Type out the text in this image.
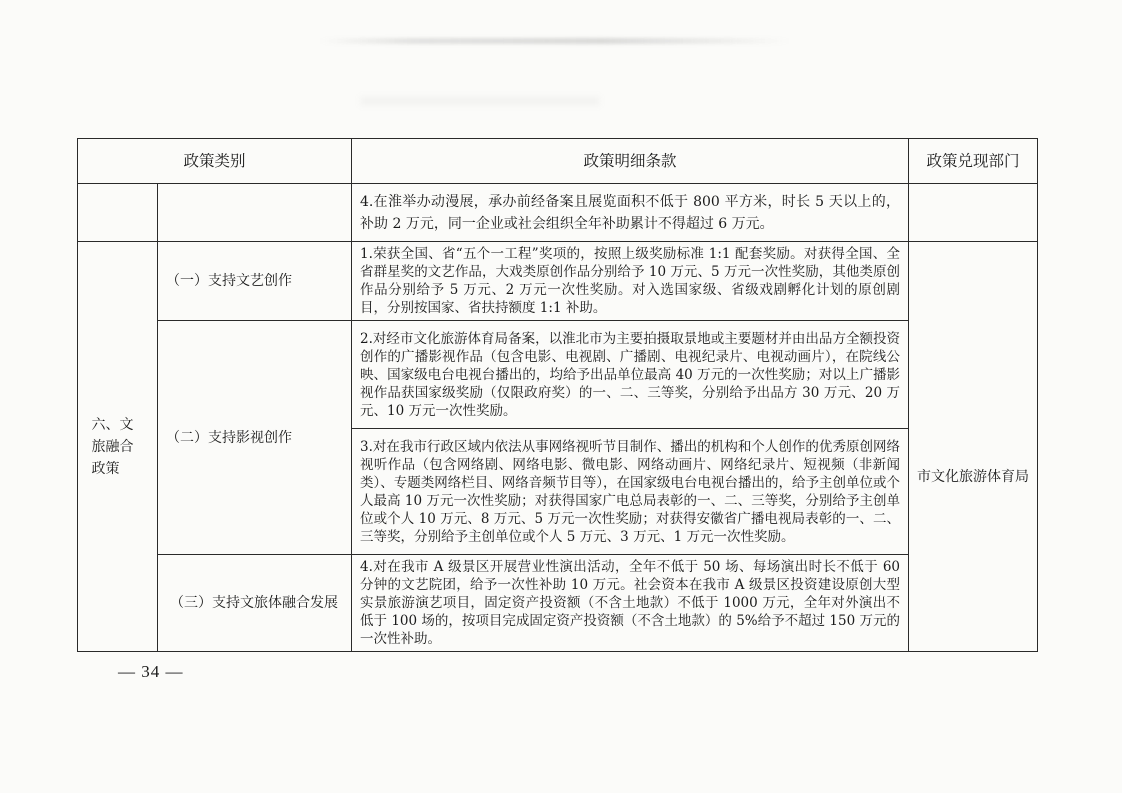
政策类别		政策明细条款	政策兑现部门
		4.在淮举办动漫展，承办前经备案且展览面积不低于 800 平方米，时长 5 天以上的，补助 2 万元，同一企业或社会组织全年补助累计不得超过 6 万元。	

六、文旅融合政策	（一）支持文艺创作	1.荣获全国、省“五个一工程”奖项的，按照上级奖励标准 1:1 配套奖励。对获得全国、全省群星奖的文艺作品，大戏类原创作品分别给予 10 万元、5 万元一次性奖励，其他类原创作品分别给予 5 万元、2 万元一次性奖励。对入选国家级、省级戏剧孵化计划的原创剧目，分别按国家、省扶持额度 1:1 补助。	市文化旅游体育局

	（二）支持影视创作	2.对经市文化旅游体育局备案，以淮北市为主要拍摄取景地或主要题材并由出品方全额投资创作的广播影视作品（包含电影、电视剧、广播剧、电视纪录片、电视动画片），在院线公映、国家级电台电视台播出的，均给予出品单位最高 40 万元的一次性奖励；对以上广播影视作品获国家级奖励（仅限政府奖）的一、二、三等奖，分别给予出品方 30 万元、20 万元、10 万元一次性奖励。	
		3.对在我市行政区域内依法从事网络视听节目制作、播出的机构和个人创作的优秀原创网络视听作品（包含网络剧、网络电影、微电影、网络动画片、网络纪录片、短视频（非新闻类）、专题类网络栏目、网络音频节目等），在国家级电台电视台播出的，给予主创单位或个人最高 10 万元一次性奖励；对获得国家广电总局表彰的一、二、三等奖，分别给予主创单位或个人 10 万元、8 万元、5 万元一次性奖励；对获得安徽省广播电视局表彰的一、二、三等奖，分别给予主创单位或个人 5 万元、3 万元、1 万元一次性奖励。	
	（三）支持文旅体融合发展	4.对在我市 A 级景区开展营业性演出活动，全年不低于 50 场、每场演出时长不低于 60 分钟的文艺院团，给予一次性补助 10 万元。社会资本在我市 A 级景区投资建设原创大型实景旅游演艺项目，固定资产投资额（不含土地款）不低于 1000 万元，全年对外演出不低于 100 场的，按项目完成固定资产投资额（不含土地款）的 5%给予不超过 150 万元的一次性补助。	
— 34 —
